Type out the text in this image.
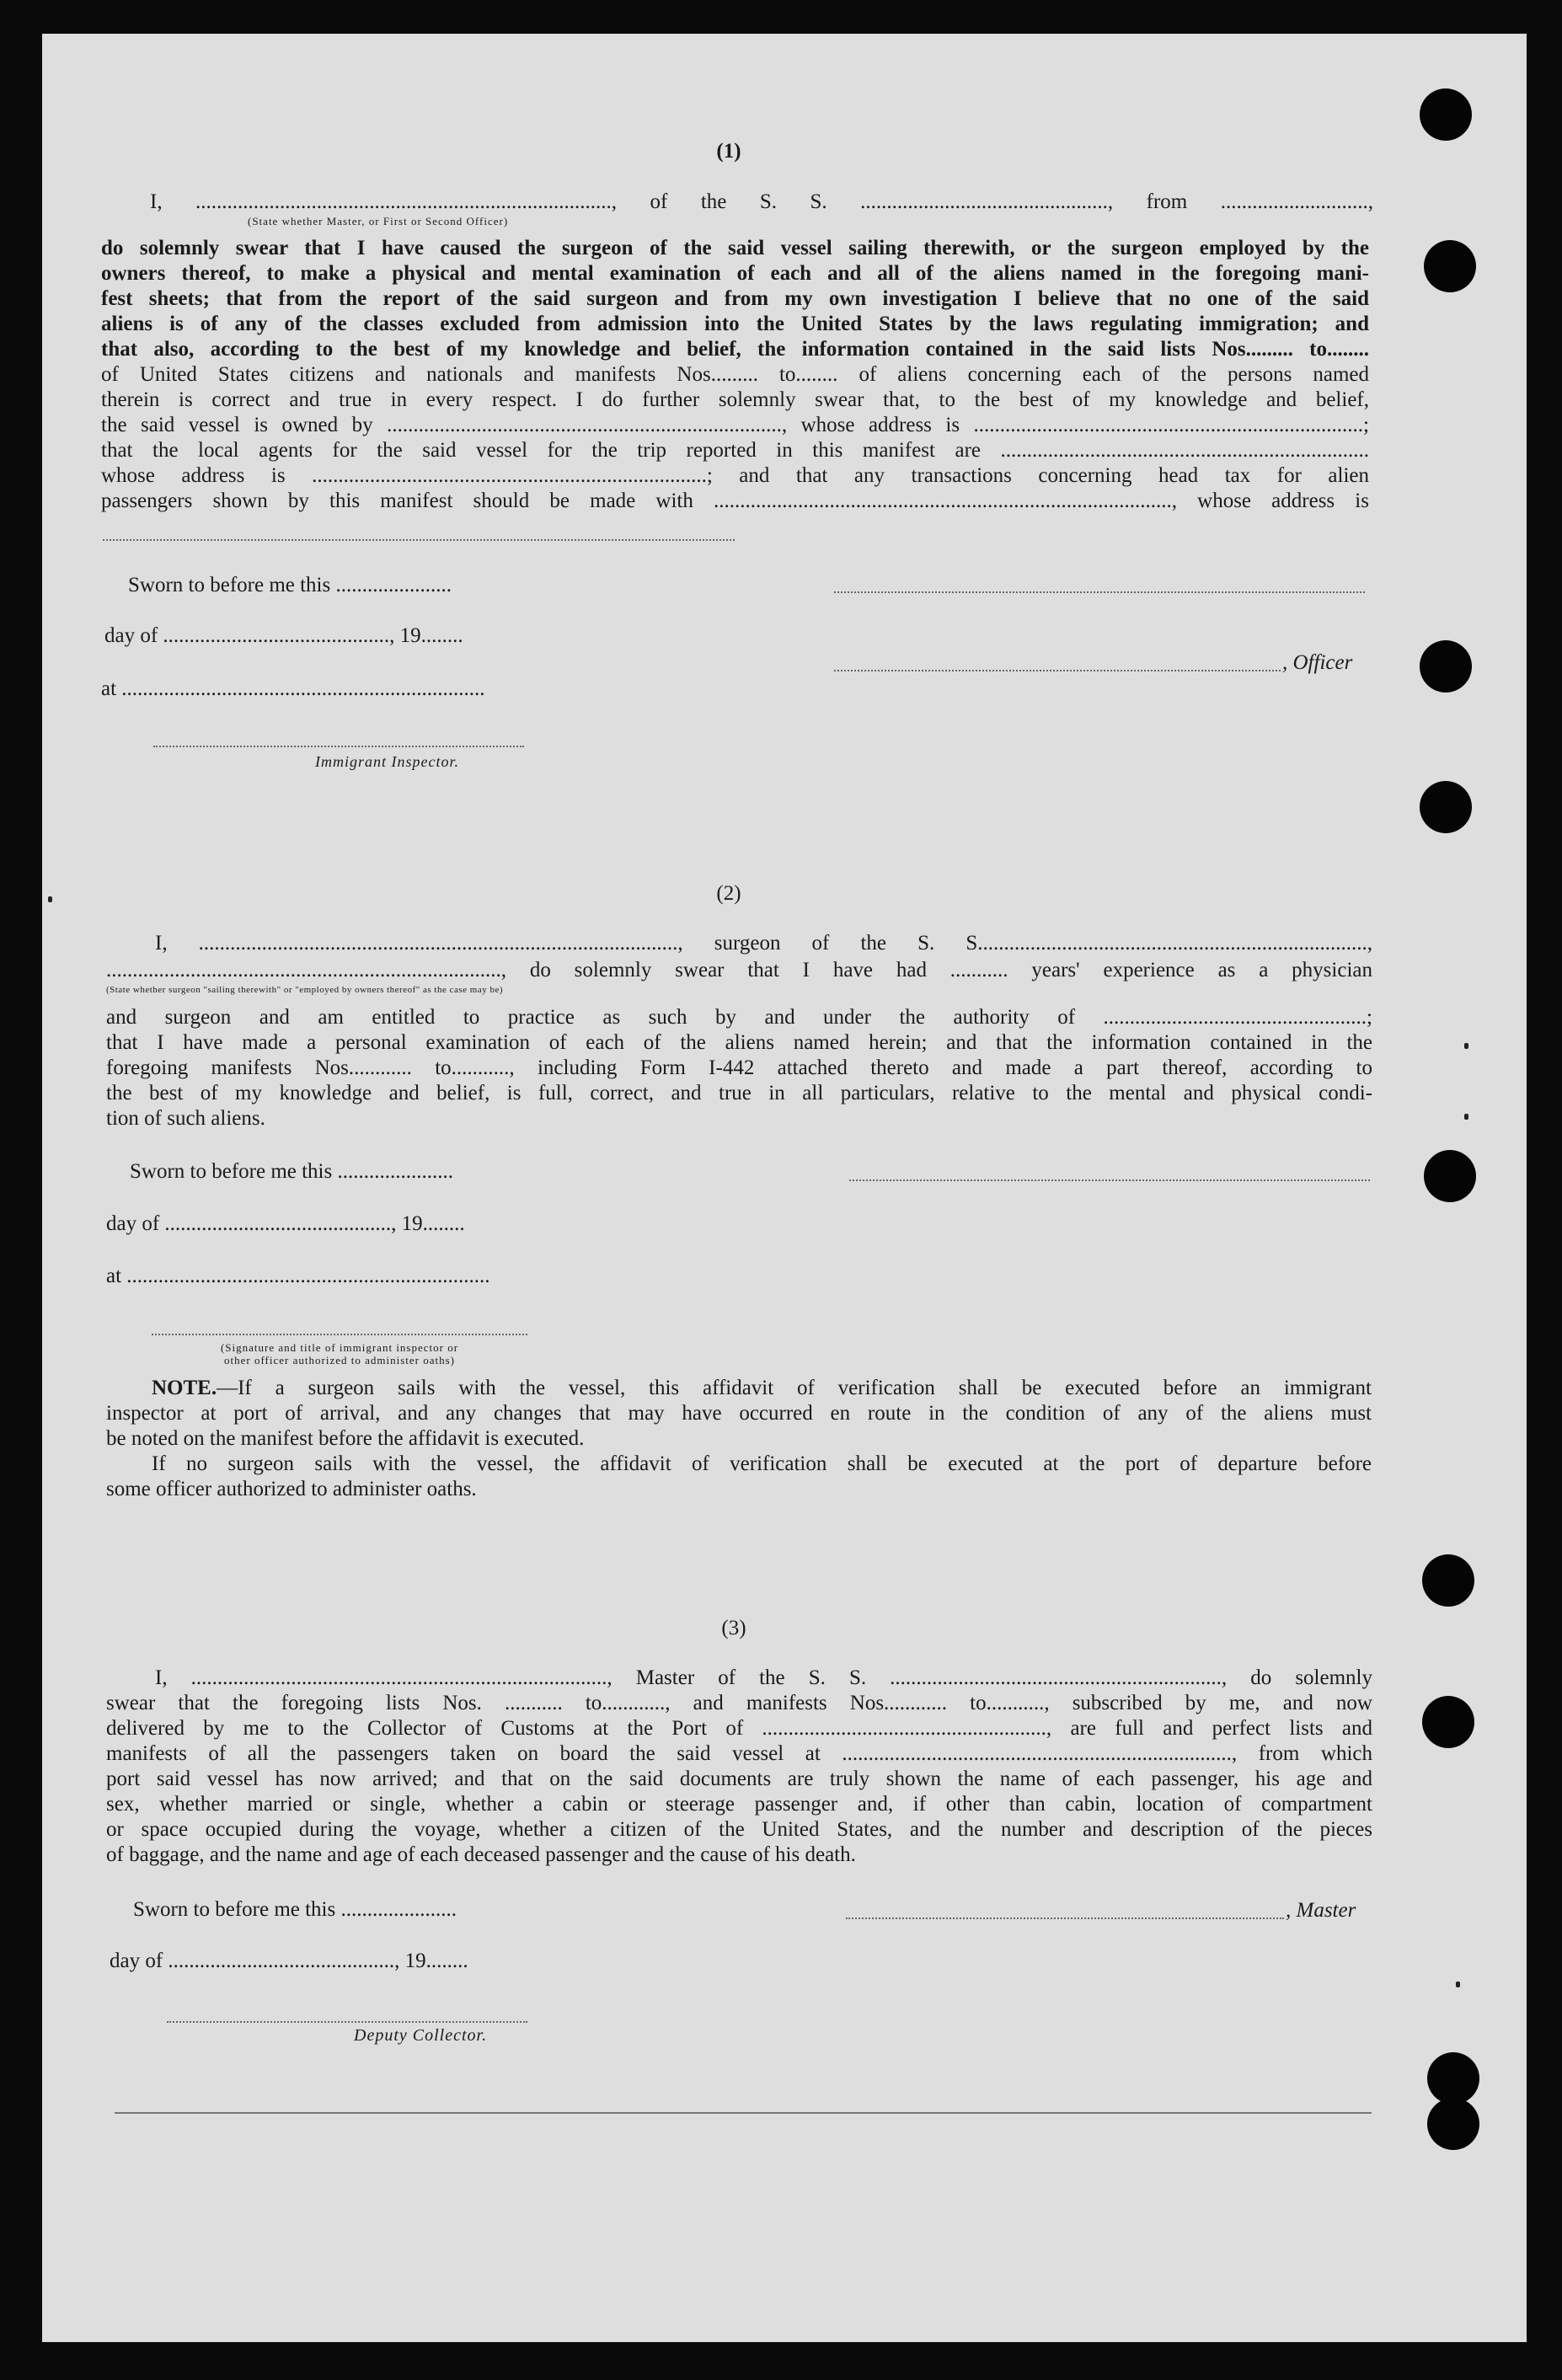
(1)
I, ..............................................................................., of the S. S. ..............................................., from ............................,
(State whether Master, or First or Second Officer)
do solemnly swear that I have caused the surgeon of the said vessel sailing therewith, or the surgeon employed by the
owners thereof, to make a physical and mental examination of each and all of the aliens named in the foregoing mani-
fest sheets; that from the report of the said surgeon and from my own investigation I believe that no one of the said
aliens is of any of the classes excluded from admission into the United States by the laws regulating immigration; and
that also, according to the best of my knowledge and belief, the information contained in the said lists Nos......... to........
of United States citizens and nationals and manifests Nos......... to........ of aliens concerning each of the persons named
therein is correct and true in every respect. I do further solemnly swear that, to the best of my knowledge and belief,
the said vessel is owned by ..........................................................................., whose address is ..........................................................................;
that the local agents for the said vessel for the trip reported in this manifest are ......................................................................
whose address is ...........................................................................; and that any transactions concerning head tax for alien
passengers shown by this manifest should be made with ......................................................................................., whose address is
Sworn to before me this ......................
day of ..........................................., 19........
, Officer
at .....................................................................
Immigrant Inspector.
(2)
I, ..........................................................................................., surgeon of the S. S..........................................................................,
..........................................................................., do solemnly swear that I have had ........... years' experience as a physician
(State whether surgeon "sailing therewith" or "employed by owners thereof" as the case may be)
and surgeon and am entitled to practice as such by and under the authority of ..................................................;
that I have made a personal examination of each of the aliens named herein; and that the information contained in the
foregoing manifests Nos............ to..........., including Form I-442 attached thereto and made a part thereof, according to
the best of my knowledge and belief, is full, correct, and true in all particulars, relative to the mental and physical condi-
tion of such aliens.
Sworn to before me this ......................
day of ..........................................., 19........
at .....................................................................
(Signature and title of immigrant inspector or
other officer authorized to administer oaths)
NOTE.—If a surgeon sails with the vessel, this affidavit of verification shall be executed before an immigrant
inspector at port of arrival, and any changes that may have occurred en route in the condition of any of the aliens must
be noted on the manifest before the affidavit is executed.
If no surgeon sails with the vessel, the affidavit of verification shall be executed at the port of departure before
some officer authorized to administer oaths.
(3)
I, ..............................................................................., Master of the S. S. ..............................................................., do solemnly
swear that the foregoing lists Nos. ........... to............, and manifests Nos............ to..........., subscribed by me, and now
delivered by me to the Collector of Customs at the Port of ......................................................, are full and perfect lists and
manifests of all the passengers taken on board the said vessel at .........................................................................., from which
port said vessel has now arrived; and that on the said documents are truly shown the name of each passenger, his age and
sex, whether married or single, whether a cabin or steerage passenger and, if other than cabin, location of compartment
or space occupied during the voyage, whether a citizen of the United States, and the number and description of the pieces
of baggage, and the name and age of each deceased passenger and the cause of his death.
Sworn to before me this ......................	, Master
day of ..........................................., 19........
Deputy Collector.
